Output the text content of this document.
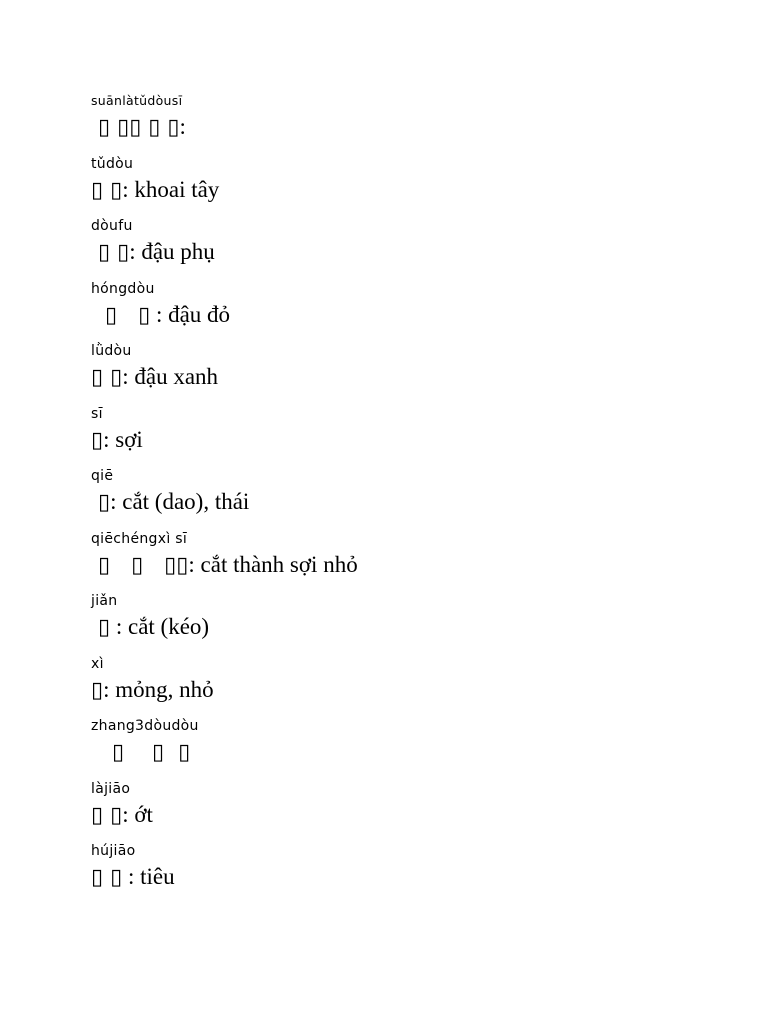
suānlàtǔdòusī
▯ ▯▯ ▯ ▯:
tǔdòu
▯ ▯: khoai tây
dòufu
▯ ▯: đậu phụ
hóngdòu
▯   ▯ : đậu đỏ
lǜdòu
▯ ▯: đậu xanh
sī
▯: sợi
qiē
▯: cắt (dao), thái
qiēchéngxì sī
▯   ▯   ▯▯: cắt thành sợi nhỏ
jiǎn
▯ : cắt (kéo)
xì
▯: mỏng, nhỏ
zhang3dòudòu
▯    ▯  ▯
làjiāo
▯ ▯: ớt
hújiāo
▯ ▯ : tiêu
